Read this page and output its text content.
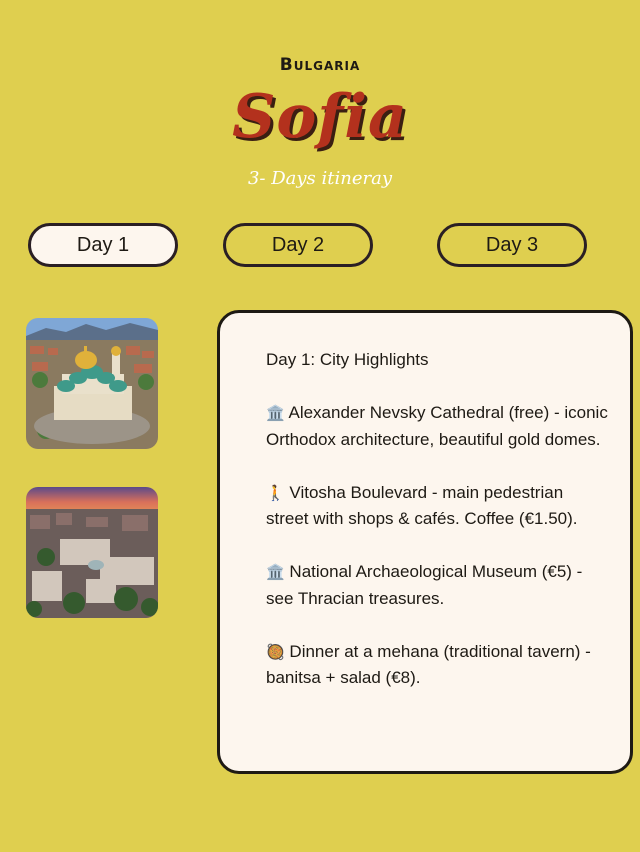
Bulgaria
Sofia
3- Days itineray
Day 1	Day 2	Day 3

Day 1: City Highlights

🏛️ Alexander Nevsky Cathedral (free) - iconic Orthodox architecture, beautiful gold domes.

🚶 Vitosha Boulevard - main pedestrian street with shops & cafés. Coffee (€1.50).

🏛️ National Archaeological Museum (€5) - see Thracian treasures.

🥘 Dinner at a mehana (traditional tavern) - banitsa + salad (€8).
